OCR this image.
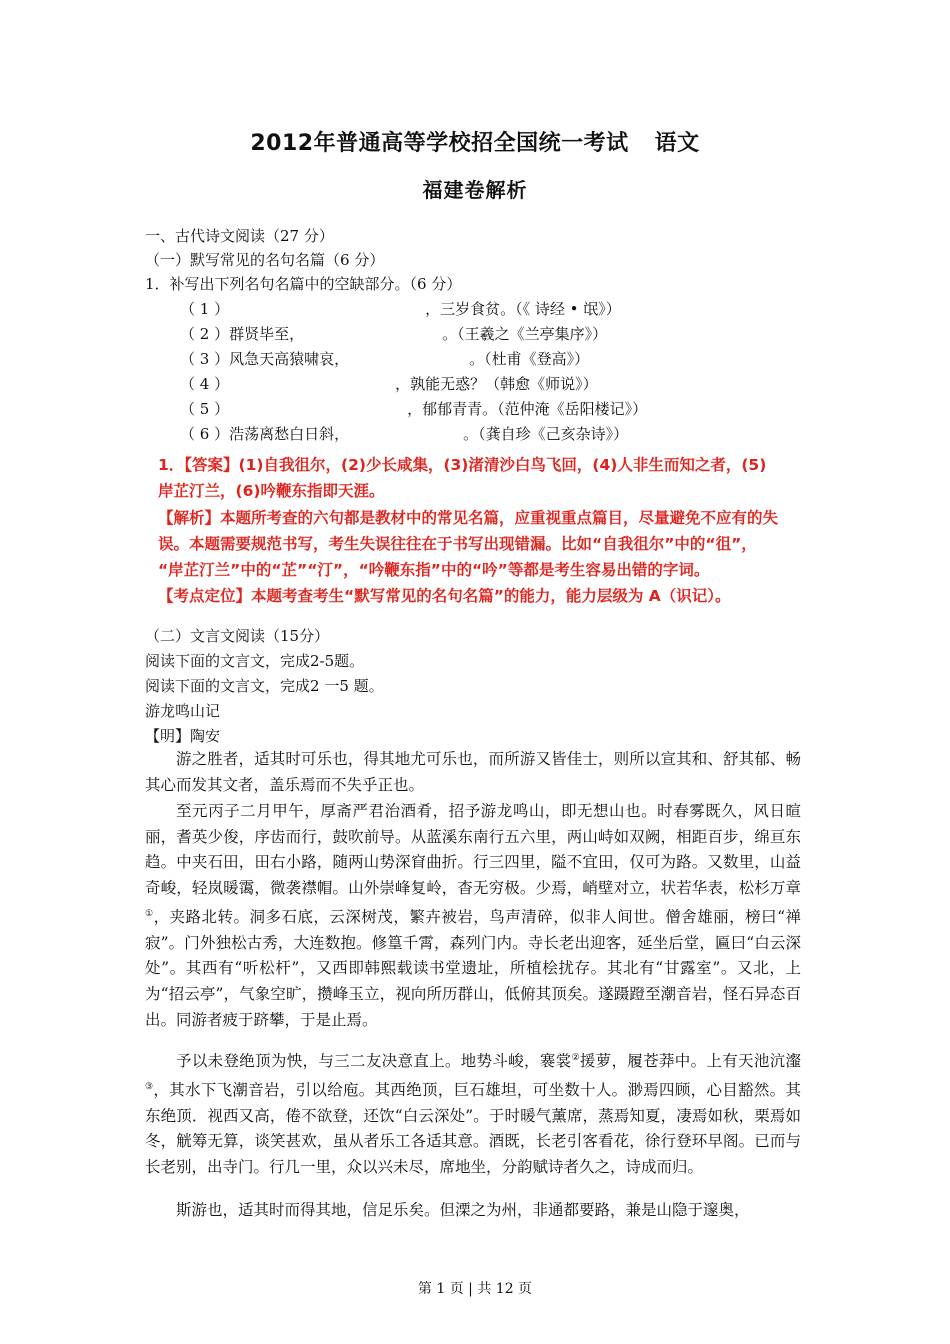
2012年普通高等学校招全国统一考试 语文
福建卷解析
一、古代诗文阅读（27 分）
（一）默写常见的名句名篇（6 分）
1．补写出下列名句名篇中的空缺部分。（6 分）
（ 1 ）	，三岁食贫。（《 诗经 • 氓》）
（ 2 ）群贤毕至，	。（王羲之《兰亭集序》）
（ 3 ）风急天高猿啸哀，	。（杜甫《登高》）
（ 4 ）	，孰能无惑？（韩愈《师说》）
（ 5 ）	，郁郁青青。（范仲淹《岳阳楼记》）
（ 6 ）浩荡离愁白日斜，	。（龚自珍《己亥杂诗》）
1．【答案】(1)自我徂尔，(2)少长咸集，(3)渚清沙白鸟飞回，(4)人非生而知之者，(5)
岸芷汀兰，(6)吟鞭东指即天涯。
【解析】本题所考查的六句都是教材中的常见名篇，应重视重点篇目，尽量避免不应有的失
误。本题需要规范书写，考生失误往往在于书写出现错漏。比如“自我徂尔”中的“徂”，
“岸芷汀兰”中的“芷”“汀”，“吟鞭东指”中的“吟”等都是考生容易出错的字词。
【考点定位】本题考查考生“默写常见的名句名篇”的能力，能力层级为 A（识记）。
（二）文言文阅读（15分）
阅读下面的文言文，完成2-5题。
阅读下面的文言文，完成2 一5 题。
游龙鸣山记
【明】陶安
游之胜者，适其时可乐也，得其地尤可乐也，而所游又皆佳士，则所以宣其和、舒其郁、畅其心而发其文者，盖乐焉而不失乎正也。
至元丙子二月甲午，厚斋严君治酒肴，招予游龙鸣山，即无想山也。时春雾既久，风日暄丽，耆英少俊，序齿而行，鼓吹前导。从蓝溪东南行五六里，两山峙如双阙，相距百步，绵亘东趋。中夹石田，田右小路，随两山势深窅曲折。行三四里，隘不宜田，仅可为路。又数里，山益奇峻，轻岚暖霭，微袭襟帽。山外崇峰复岭，杳无穷极。少焉，峭壁对立，状若华表，松杉万章①，夹路北转。洞多石底，云深树茂，繁卉被岩，鸟声清碎，似非人间世。僧舍雄丽，榜曰“禅寂”。门外独松古秀，大连数抱。修篁千霄，森列门内。寺长老出迎客，延坐后堂，匾曰“白云深处”。其西有“听松杆”，又西即韩熙载读书堂遗址，所植桧扰存。其北有“甘露室”。又北，上为“招云亭”，气象空旷，攒峰玉立，视向所历群山，低俯其顶矣。遂蹑蹬至潮音岩，怪石异态百出。同游者疲于跻攀，于是止焉。
予以未登绝顶为怏，与三二友决意直上。地势斗峻，褰裳②援萝，履苍莽中。上有天池沆瀣③，其水下飞潮音岩，引以给庖。其西绝顶，巨石雄坦，可坐数十人。渺焉四顾，心目豁然。其东绝顶．视西又高，倦不欲登，还饮“白云深处”。于时暖气薰席，蒸焉知夏，凄焉如秋，栗焉如冬，觥筹无算，谈笑甚欢，虽从者乐工各适其意。酒既，长老引客看花，徐行登环早阁。已而与长老别，出寺门。行几一里，众以兴未尽，席地坐，分韵赋诗者久之，诗成而归。
斯游也，适其时而得其地，信足乐矣。但溧之为州，非通都要路，兼是山隐于邃奥，
第 1 页 | 共 12 页
